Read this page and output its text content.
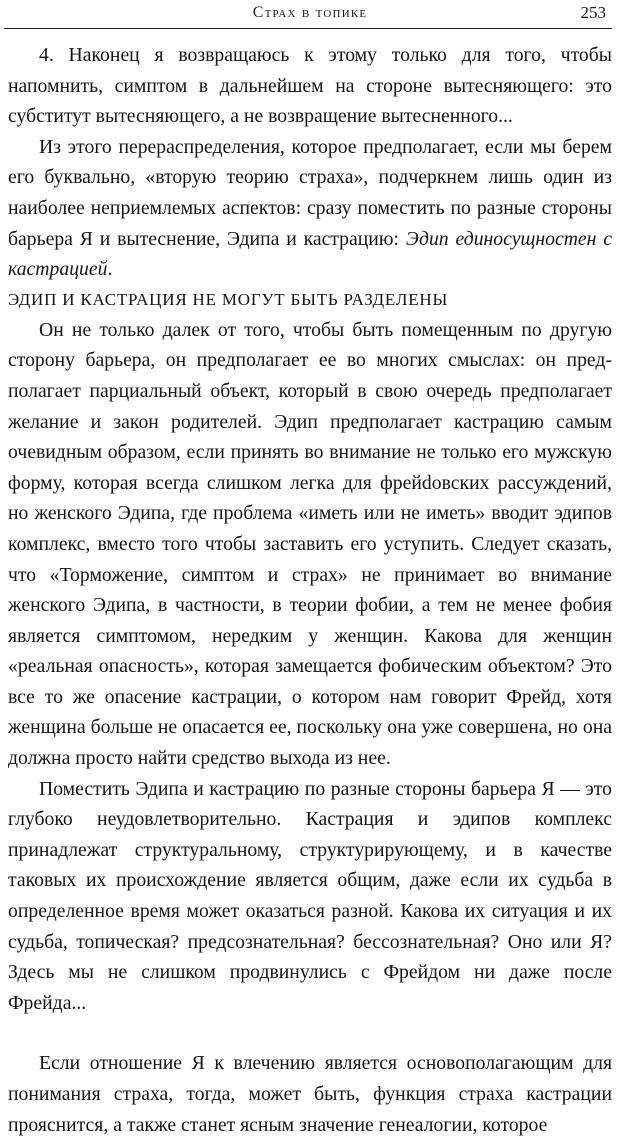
Страх в топике	253

4. Наконец я возвращаюсь к этому только для того, чтобы напомнить, симптом в дальнейшем на стороне вытесняющего: это субститут вытесняющего, а не возвращение вытесненного...

Из этого перераспределения, которое предполагает, если мы берем его буквально, «вторую теорию страха», подчеркнем лишь один из наиболее неприемлемых аспектов: сразу поместить по разные стороны барьера Я и вытеснение, Эдипа и кастрацию: Эдип единосущностен с кастрацией.

ЭДИП И КАСТРАЦИЯ НЕ МОГУТ БЫТЬ РАЗДЕЛЕНЫ

Он не только далек от того, чтобы быть помещенным по другую сторону барьера, он предполагает ее во многих смыслах: он предполагает парциальный объект, который в свою очередь предполагает желание и закон родителей. Эдип предполагает кастрацию самым очевидным образом, если принять во внимание не только его мужскую форму, которая всегда слишком легка для фрейdовских рассуждений, но женского Эдипа, где проблема «иметь или не иметь» вводит эдипов комплекс, вместо того чтобы застaвить его уступить. Следует сказать, что «Торможение, симптом и страх» не принимает во внимание женского Эдипа, в частности, в теории фобии, а тем не менее фобия является симптомом, нередким у женщин. Какова для женщин «реальная опасность», которая замещается фобическим объектом? Это все то же опасение кастрации, о котором нам говорит Фрейд, хотя женщина больше не опасaется ее, поскольку она уже совершена, но она должна просто найти средство выхода из нее.

Поместить Эдипа и кастрацию по разные стороны барьера Я — это глубоко неудовлетворительно. Кастрация и эдипов комплекс принадлежат структуральному, структурирующему, и в качестве таковых их происхождение является общим, даже если их судьба в определенное время может оказаться разной. Какова их ситуация и их судьба, топическая? предсознательная? бессознательная? Оно или Я? Здесь мы не слишком продвинулись с Фрейдом ни даже после Фрейда...

Если отношение Я к влечению является основополагающим для понимания страха, тогда, может быть, функция страха кастрации прояснится, а также станет ясным значение генеалогии, которое
